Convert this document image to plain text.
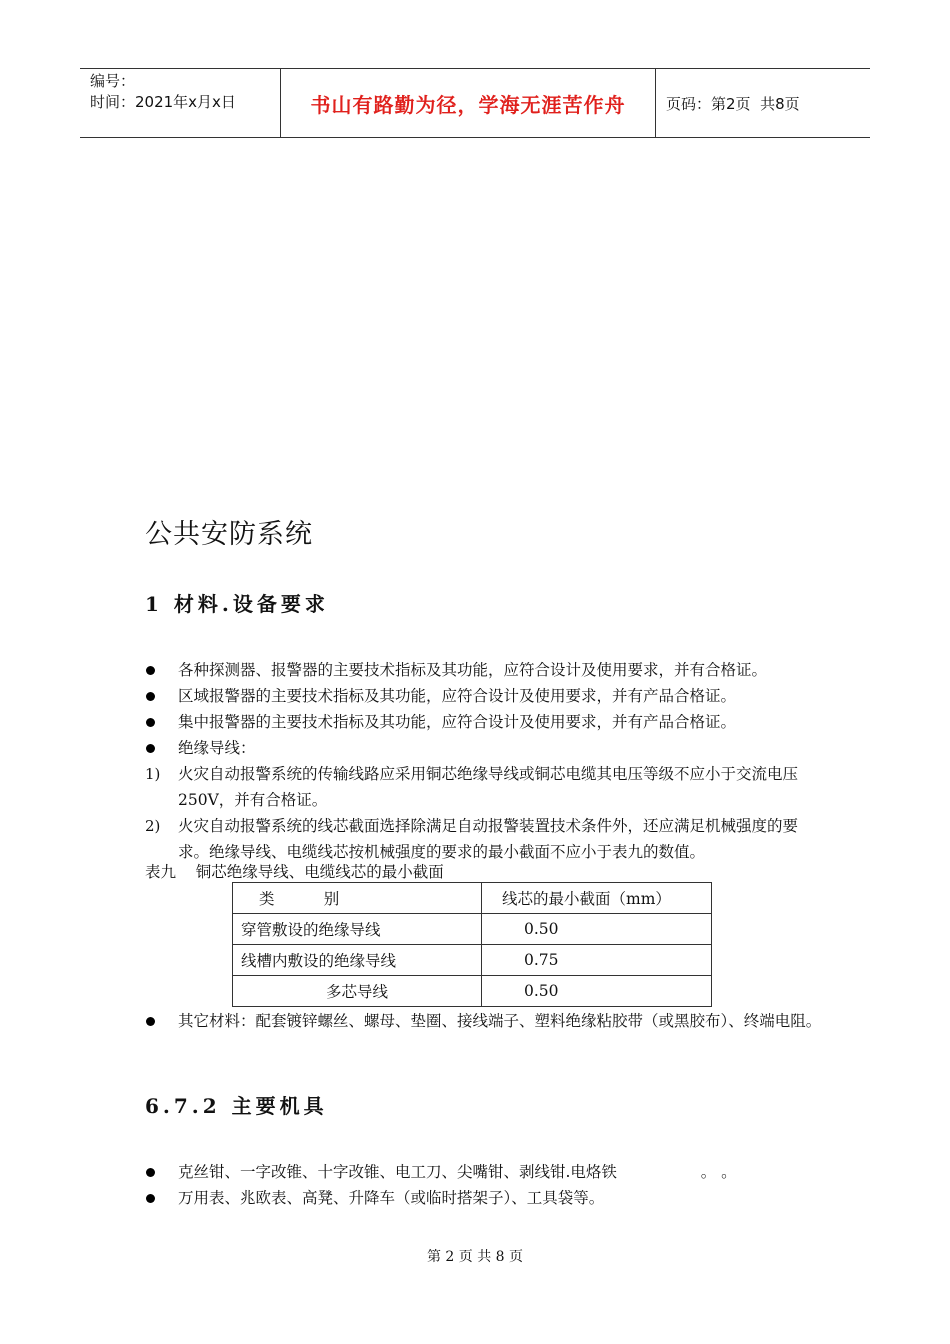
编号：
时间：2021年x月x日	书山有路勤为径，学海无涯苦作舟	页码：第2页  共8页
公共安防系统
1 材料.设备要求
各种探测器、报警器的主要技术指标及其功能，应符合设计及使用要求，并有合格证。
区域报警器的主要技术指标及其功能，应符合设计及使用要求，并有产品合格证。
集中报警器的主要技术指标及其功能，应符合设计及使用要求，并有产品合格证。
绝缘导线：
1)	火灾自动报警系统的传输线路应采用铜芯绝缘导线或铜芯电缆其电压等级不应小于交流电压250V，并有合格证。
2)	火灾自动报警系统的线芯截面选择除满足自动报警装置技术条件外，还应满足机械强度的要求。绝缘导线、电缆线芯按机械强度的要求的最小截面不应小于表九的数值。
表九    铜芯绝缘导线、电缆线芯的最小截面
类          别	线芯的最小截面（mm）
穿管敷设的绝缘导线	0.50
线槽内敷设的绝缘导线	0.75
多芯导线	0.50
其它材料：配套镀锌螺丝、螺母、垫圈、接线端子、塑料绝缘粘胶带（或黑胶布）、终端电阻。
6.7.2 主要机具
克丝钳、一字改锥、十字改锥、电工刀、尖嘴钳、剥线钳.电烙铁                 。 。
万用表、兆欧表、高凳、升降车（或临时搭架子）、工具袋等。
第 2 页 共 8 页
